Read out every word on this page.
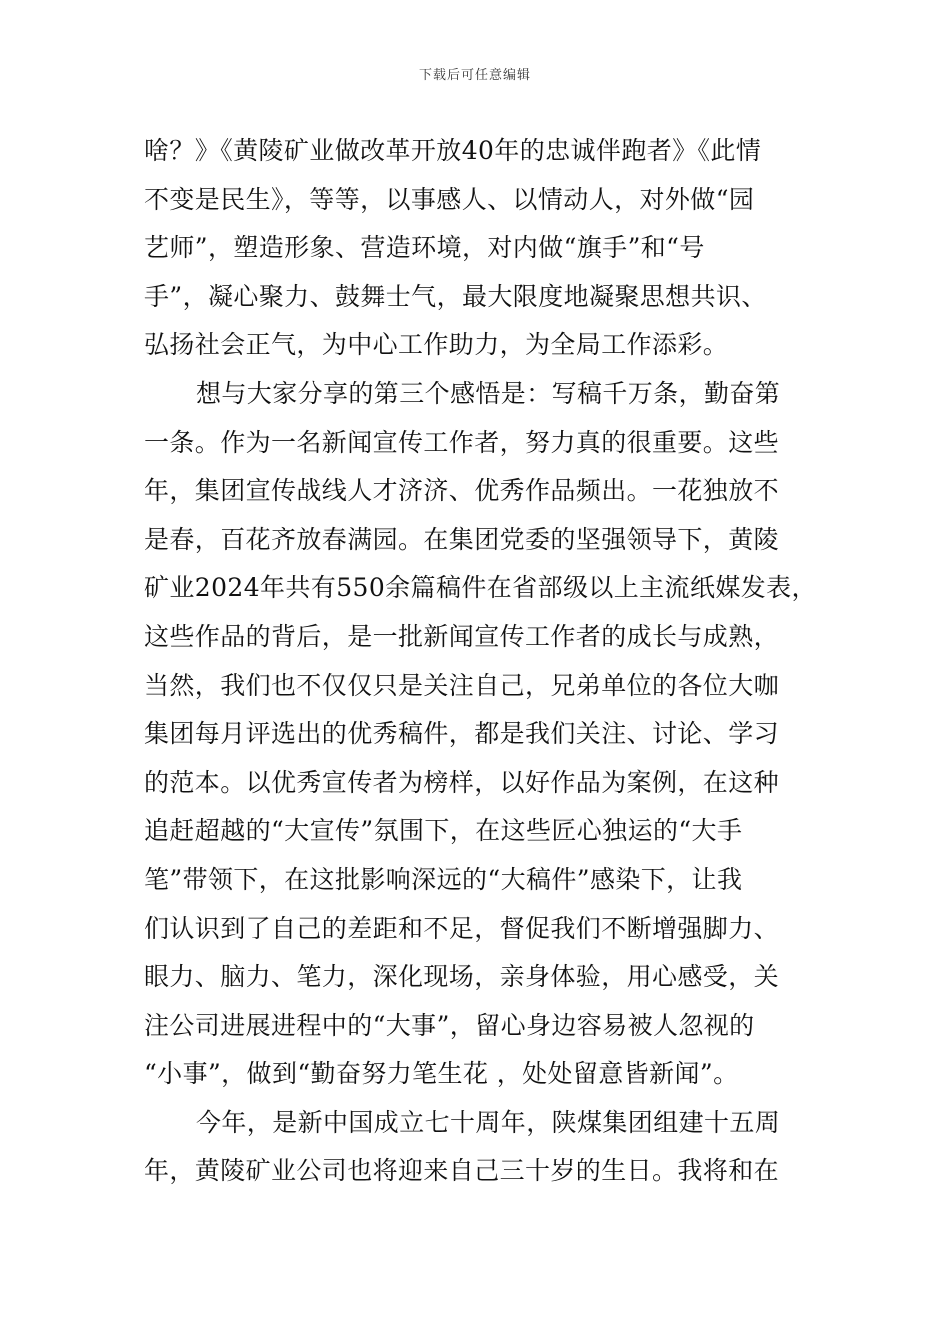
下载后可任意编辑
啥？》《黄陵矿业做改革开放40年的忠诚伴跑者》《此情
不变是民生》，等等，以事感人、以情动人，对外做“园
艺师”，塑造形象、营造环境，对内做“旗手”和“号
手”，凝心聚力、鼓舞士气，最大限度地凝聚思想共识、
弘扬社会正气，为中心工作助力，为全局工作添彩。
想与大家分享的第三个感悟是：写稿千万条，勤奋第
一条。作为一名新闻宣传工作者，努力真的很重要。这些
年，集团宣传战线人才济济、优秀作品频出。一花独放不
是春，百花齐放春满园。在集团党委的坚强领导下，黄陵
矿业2024年共有550余篇稿件在省部级以上主流纸媒发表，
这些作品的背后，是一批新闻宣传工作者的成长与成熟，
当然，我们也不仅仅只是关注自己，兄弟单位的各位大咖
集团每月评选出的优秀稿件，都是我们关注、讨论、学习
的范本。以优秀宣传者为榜样，以好作品为案例，在这种
追赶超越的“大宣传”氛围下，在这些匠心独运的“大手
笔”带领下，在这批影响深远的“大稿件”感染下，让我
们认识到了自己的差距和不足，督促我们不断增强脚力、
眼力、脑力、笔力，深化现场，亲身体验，用心感受，关
注公司进展进程中的“大事”，留心身边容易被人忽视的
“小事”，做到“勤奋努力笔生花 ，处处留意皆新闻”。
今年，是新中国成立七十周年，陕煤集团组建十五周
年，黄陵矿业公司也将迎来自己三十岁的生日。我将和在
